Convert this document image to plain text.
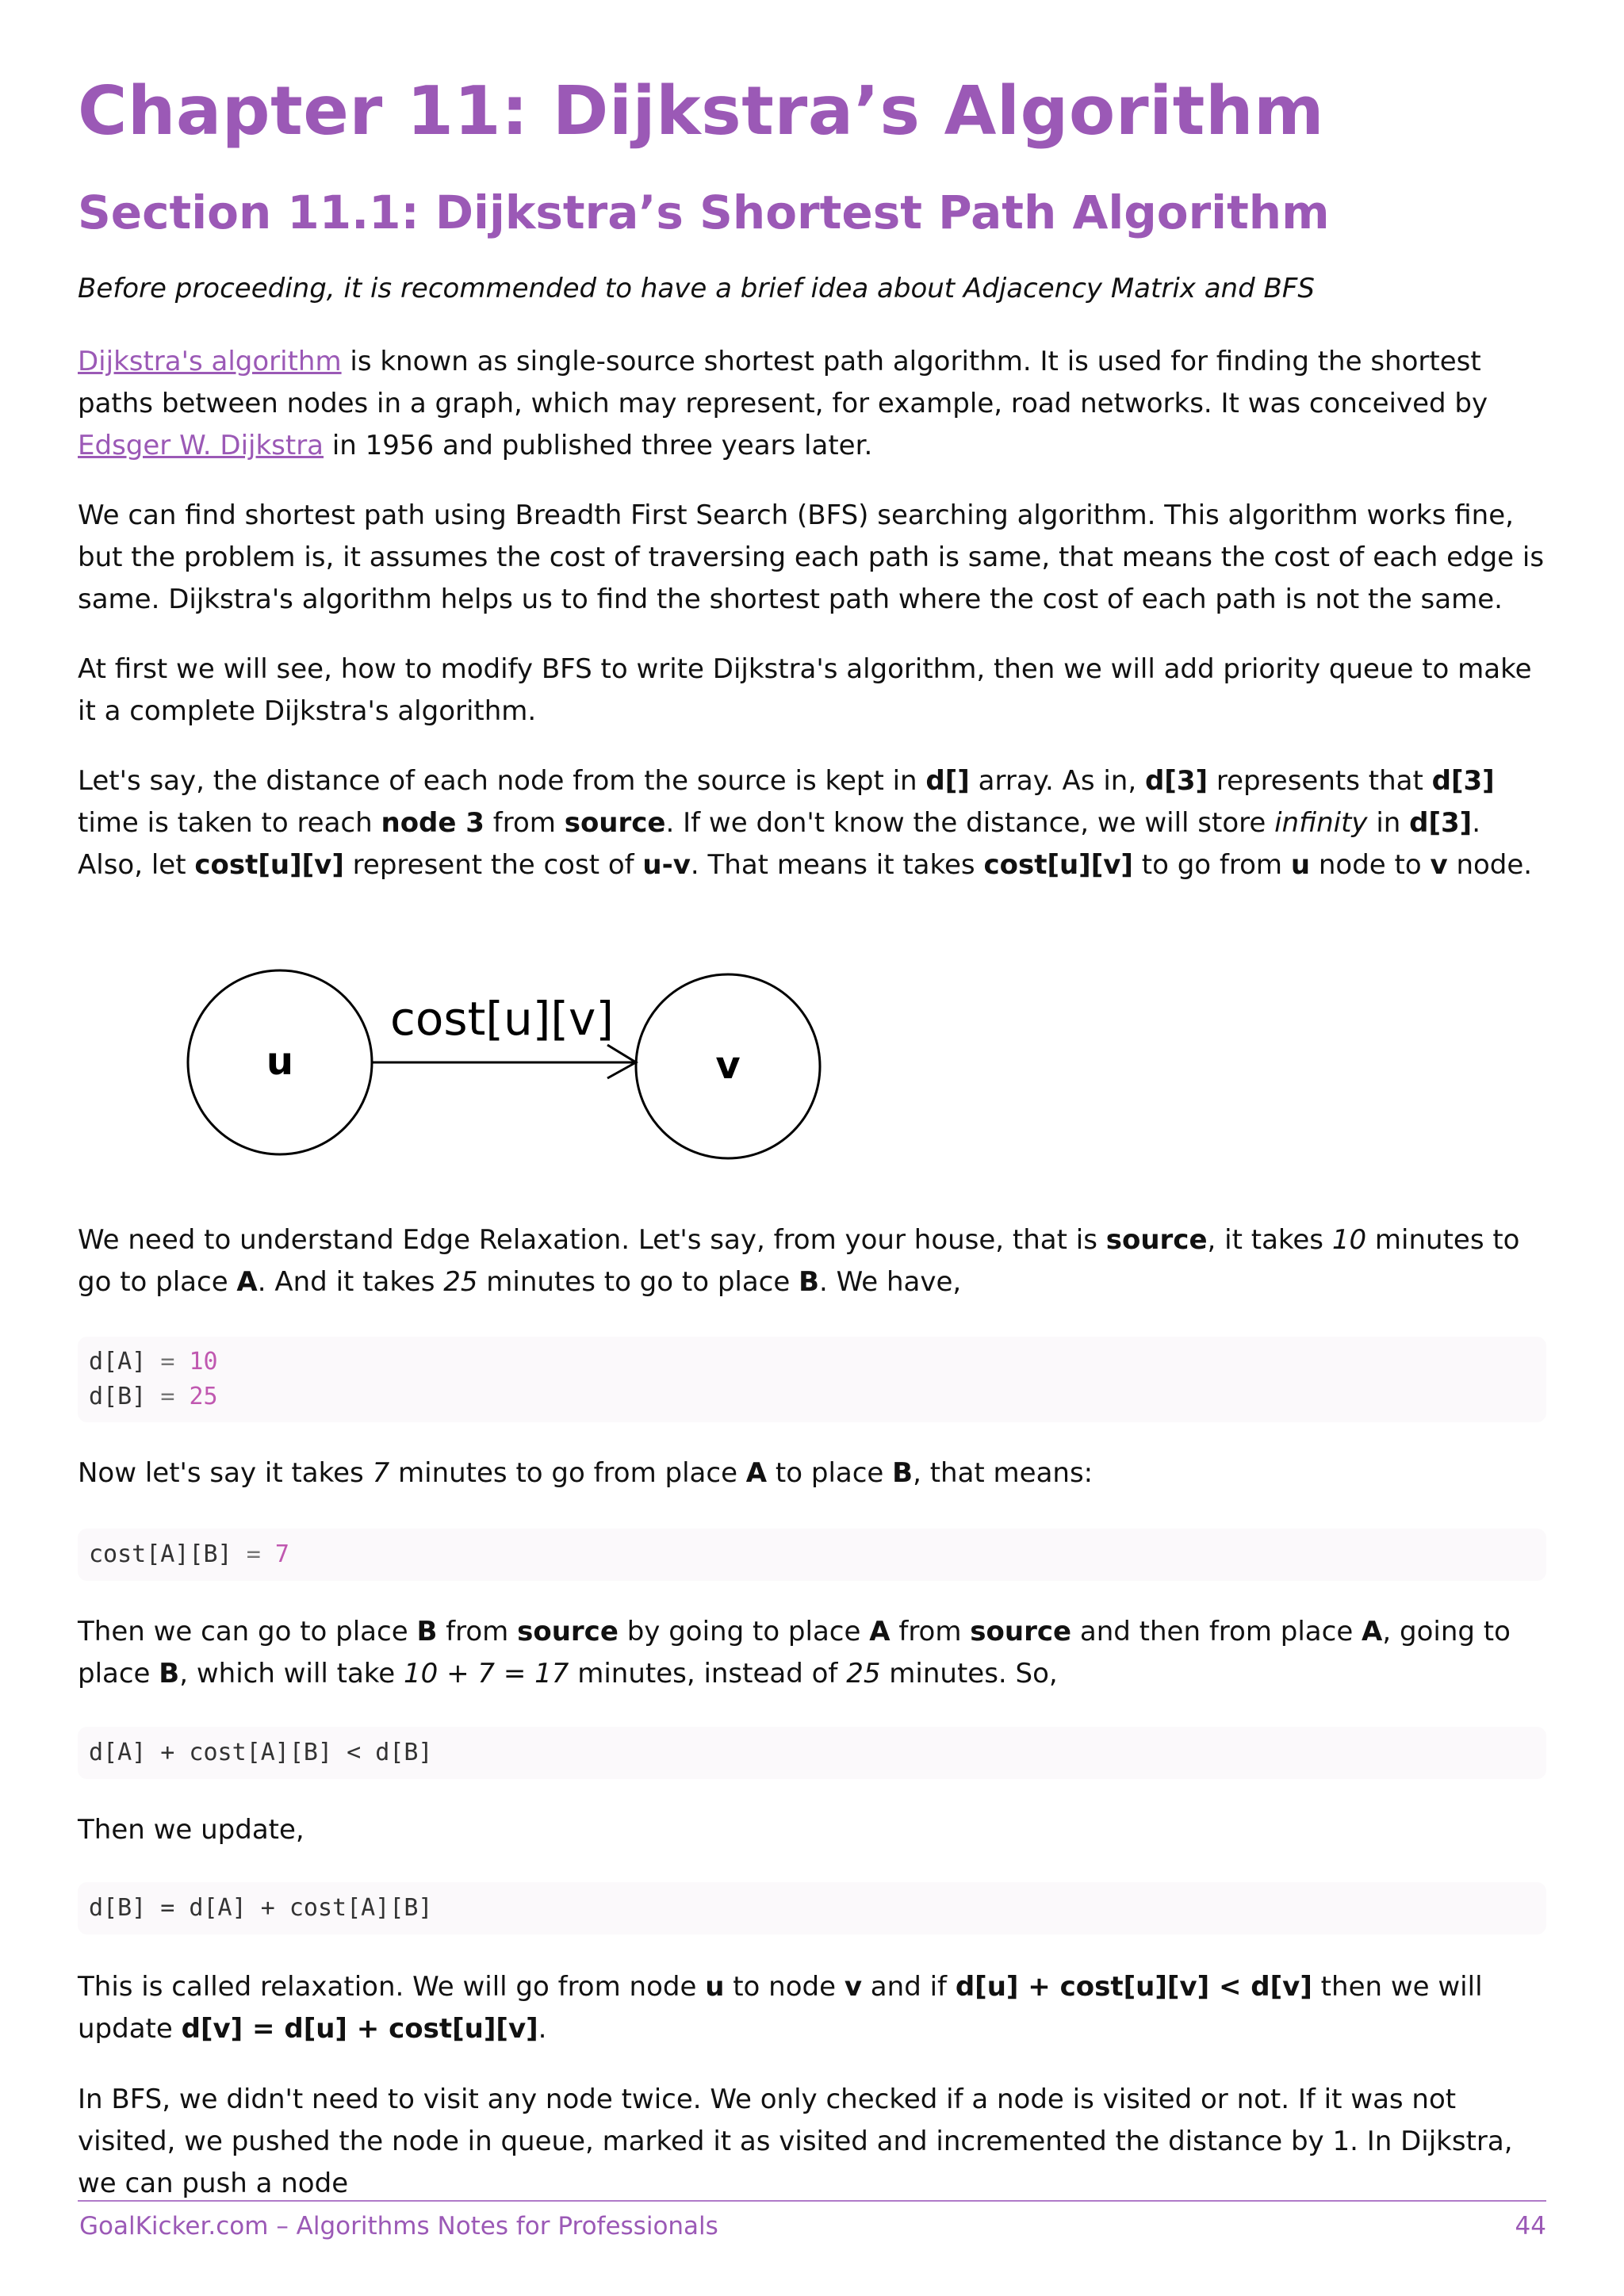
Chapter 11: Dijkstra’s Algorithm
Section 11.1: Dijkstra’s Shortest Path Algorithm

Before proceeding, it is recommended to have a brief idea about Adjacency Matrix and BFS

Dijkstra's algorithm is known as single-source shortest path algorithm. It is used for finding the shortest paths between nodes in a graph, which may represent, for example, road networks. It was conceived by Edsger W. Dijkstra in 1956 and published three years later.

We can find shortest path using Breadth First Search (BFS) searching algorithm. This algorithm works fine, but the problem is, it assumes the cost of traversing each path is same, that means the cost of each edge is same. Dijkstra's algorithm helps us to find the shortest path where the cost of each path is not the same.

At first we will see, how to modify BFS to write Dijkstra's algorithm, then we will add priority queue to make it a complete Dijkstra's algorithm.

Let's say, the distance of each node from the source is kept in d[] array. As in, d[3] represents that d[3] time is taken to reach node 3 from source. If we don't know the distance, we will store infinity in d[3]. Also, let cost[u][v] represent the cost of u-v. That means it takes cost[u][v] to go from u node to v node.

u	v
cost[u][v]

We need to understand Edge Relaxation. Let's say, from your house, that is source, it takes 10 minutes to go to place A. And it takes 25 minutes to go to place B. We have,

d[A] = 10
d[B] = 25

Now let's say it takes 7 minutes to go from place A to place B, that means:

cost[A][B] = 7

Then we can go to place B from source by going to place A from source and then from place A, going to place B, which will take 10 + 7 = 17 minutes, instead of 25 minutes. So,

d[A] + cost[A][B] < d[B]

Then we update,

d[B] = d[A] + cost[A][B]

This is called relaxation. We will go from node u to node v and if d[u] + cost[u][v] < d[v] then we will update d[v] = d[u] + cost[u][v].

In BFS, we didn't need to visit any node twice. We only checked if a node is visited or not. If it was not visited, we pushed the node in queue, marked it as visited and incremented the distance by 1. In Dijkstra, we can push a node

GoalKicker.com – Algorithms Notes for Professionals	44
